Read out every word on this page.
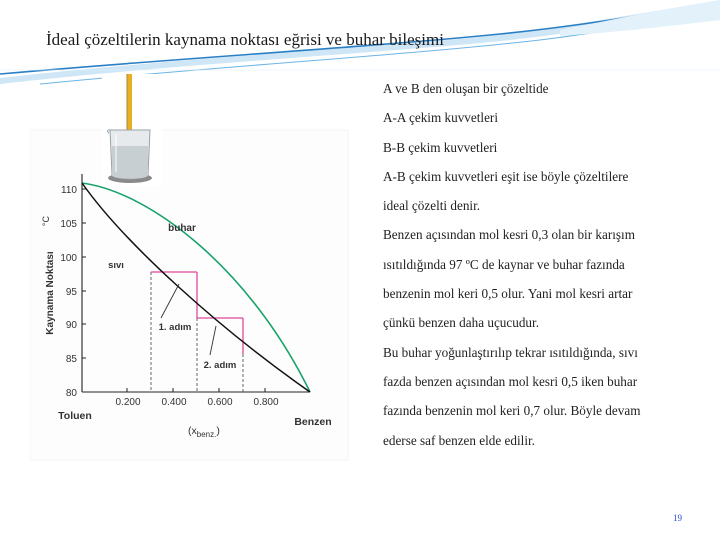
İdeal çözeltilerin kaynama noktası eğrisi ve buhar bileşimi

A ve B den oluşan bir çözeltide

A-A çekim kuvvetleri

B-B çekim kuvvetleri

A-B çekim kuvvetleri eşit ise böyle çözeltilere

ideal çözelti denir.

Benzen açısından mol kesri 0,3 olan bir karışım

ısıtıldığında 97 ºC de kaynar ve buhar fazında

benzenin mol keri 0,5 olur. Yani mol kesri artar

çünkü benzen daha uçucudur.

Bu buhar yoğunlaştırılıp tekrar ısıtıldığında, sıvı

fazda benzen açısından mol kesri 0,5 iken buhar

fazında benzenin mol keri 0,7 olur. Böyle devam

ederse saf benzen elde edilir.

Kaynama Noktası
°C
110
105
100
95
90
85
80
0.200 0.400 0.600 0.800
Toluen	Benzen
$(x_{benz.})$
buhar
sıvı
1. adım
2. adım
19
